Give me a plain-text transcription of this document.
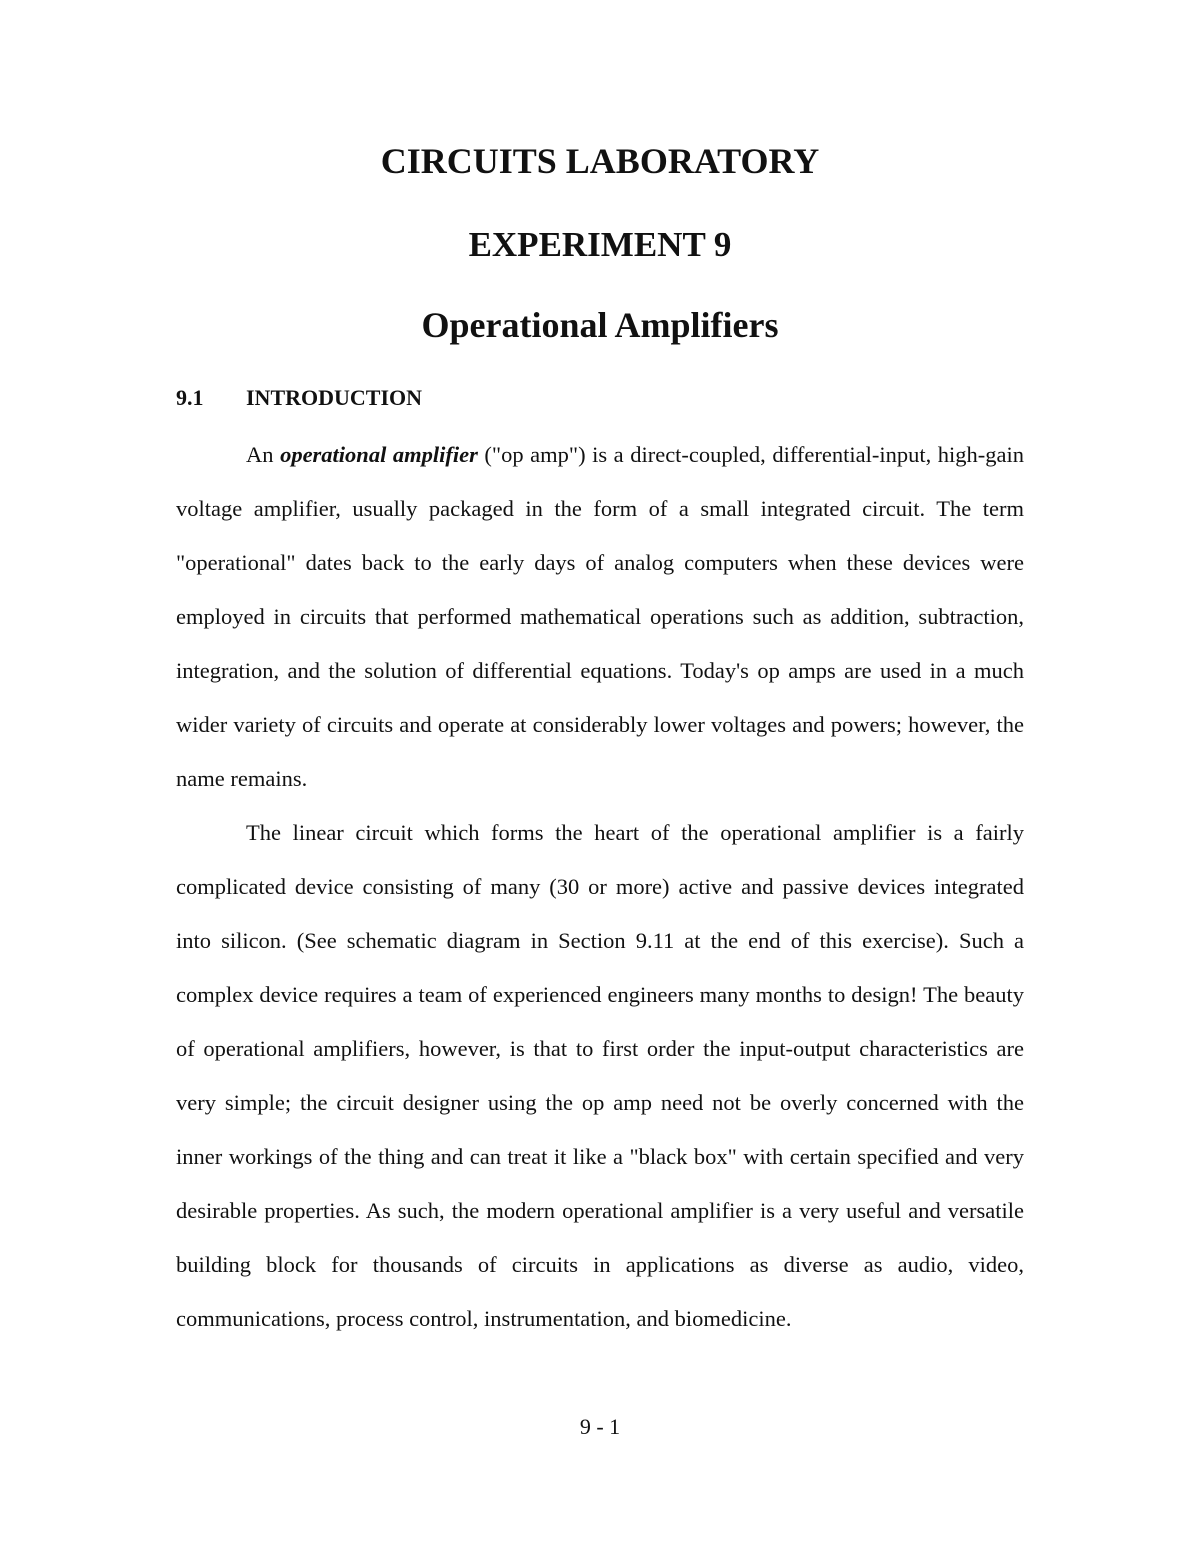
CIRCUITS LABORATORY
EXPERIMENT 9
Operational Amplifiers
9.1 INTRODUCTION

An operational amplifier ("op amp") is a direct-coupled, differential-input, high-gain voltage amplifier, usually packaged in the form of a small integrated circuit. The term "operational" dates back to the early days of analog computers when these devices were employed in circuits that performed mathematical operations such as addition, subtraction, integration, and the solution of differential equations. Today's op amps are used in a much wider variety of circuits and operate at considerably lower voltages and powers; however, the name remains.

The linear circuit which forms the heart of the operational amplifier is a fairly complicated device consisting of many (30 or more) active and passive devices integrated into silicon. (See schematic diagram in Section 9.11 at the end of this exercise). Such a complex device requires a team of experienced engineers many months to design! The beauty of operational amplifiers, however, is that to first order the input-output characteristics are very simple; the circuit designer using the op amp need not be overly concerned with the inner workings of the thing and can treat it like a "black box" with certain specified and very desirable properties. As such, the modern operational amplifier is a very useful and versatile building block for thousands of circuits in applications as diverse as audio, video, communications, process control, instrumentation, and biomedicine.

9 - 1
